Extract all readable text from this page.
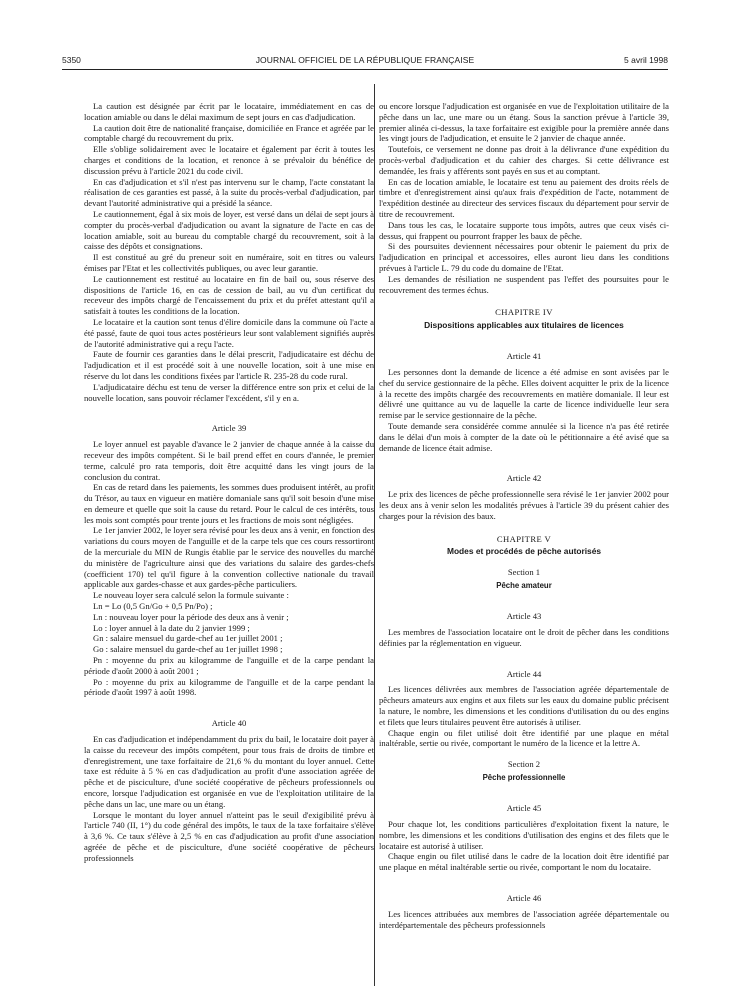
5350	JOURNAL OFFICIEL DE LA RÉPUBLIQUE FRANÇAISE	5 avril 1998

La caution est désignée par écrit par le locataire, immédiatement en cas de location amiable ou dans le délai maximum de sept jours en cas d'adjudication.

La caution doit être de nationalité française, domiciliée en France et agréée par le comptable chargé du recouvrement du prix.

Elle s'oblige solidairement avec le locataire et également par écrit à toutes les charges et conditions de la location, et renonce à se prévaloir du bénéfice de discussion prévu à l'article 2021 du code civil.

En cas d'adjudication et s'il n'est pas intervenu sur le champ, l'acte constatant la réalisation de ces garanties est passé, à la suite du procès-verbal d'adjudication, par devant l'autorité administrative qui a présidé la séance.

Le cautionnement, égal à six mois de loyer, est versé dans un délai de sept jours à compter du procès-verbal d'adjudication ou avant la signature de l'acte en cas de location amiable, soit au bureau du comptable chargé du recouvrement, soit à la caisse des dépôts et consignations.

Il est constitué au gré du preneur soit en numéraire, soit en titres ou valeurs émises par l'Etat et les collectivités publiques, ou avec leur garantie.

Le cautionnement est restitué au locataire en fin de bail ou, sous réserve des dispositions de l'article 16, en cas de cession de bail, au vu d'un certificat du receveur des impôts chargé de l'encaissement du prix et du préfet attestant qu'il a satisfait à toutes les conditions de la location.

Le locataire et la caution sont tenus d'élire domicile dans la commune où l'acte a été passé, faute de quoi tous actes postérieurs leur sont valablement signifiés auprès de l'autorité administrative qui a reçu l'acte.

Faute de fournir ces garanties dans le délai prescrit, l'adjudicataire est déchu de l'adjudication et il est procédé soit à une nouvelle location, soit à une mise en réserve du lot dans les conditions fixées par l'article R. 235-28 du code rural.

L'adjudicataire déchu est tenu de verser la différence entre son prix et celui de la nouvelle location, sans pouvoir réclamer l'excédent, s'il y en a.

Article 39

Le loyer annuel est payable d'avance le 2 janvier de chaque année à la caisse du receveur des impôts compétent. Si le bail prend effet en cours d'année, le premier terme, calculé pro rata temporis, doit être acquitté dans les vingt jours de la conclusion du contrat.

En cas de retard dans les paiements, les sommes dues produisent intérêt, au profit du Trésor, au taux en vigueur en matière domaniale sans qu'il soit besoin d'une mise en demeure et quelle que soit la cause du retard. Pour le calcul de ces intérêts, tous les mois sont comptés pour trente jours et les fractions de mois sont négligées.

Le 1er janvier 2002, le loyer sera révisé pour les deux ans à venir, en fonction des variations du cours moyen de l'anguille et de la carpe tels que ces cours ressortiront de la mercuriale du MIN de Rungis établie par le service des nouvelles du marché du ministère de l'agriculture ainsi que des variations du salaire des gardes-chefs (coefficient 170) tel qu'il figure à la convention collective nationale du travail applicable aux gardes-chasse et aux gardes-pêche particuliers.

Le nouveau loyer sera calculé selon la formule suivante :

Ln = Lo (0,5 Gn/Go + 0,5 Pn/Po) ;

Ln : nouveau loyer pour la période des deux ans à venir ;

Lo : loyer annuel à la date du 2 janvier 1999 ;

Gn : salaire mensuel du garde-chef au 1er juillet 2001 ;

Go : salaire mensuel du garde-chef au 1er juillet 1998 ;

Pn : moyenne du prix au kilogramme de l'anguille et de la carpe pendant la période d'août 2000 à août 2001 ;

Po : moyenne du prix au kilogramme de l'anguille et de la carpe pendant la période d'août 1997 à août 1998.

Article 40

En cas d'adjudication et indépendamment du prix du bail, le locataire doit payer à la caisse du receveur des impôts compétent, pour tous frais de droits de timbre et d'enregistrement, une taxe forfaitaire de 21,6 % du montant du loyer annuel. Cette taxe est réduite à 5 % en cas d'adjudication au profit d'une association agréée de pêche et de pisciculture, d'une société coopérative de pêcheurs professionnels ou encore, lorsque l'adjudication est organisée en vue de l'exploitation utilitaire de la pêche dans un lac, une mare ou un étang.

Lorsque le montant du loyer annuel n'atteint pas le seuil d'exigibilité prévu à l'article 740 (II, 1°) du code général des impôts, le taux de la taxe forfaitaire s'élève à 3,6 %. Ce taux s'élève à 2,5 % en cas d'adjudication au profit d'une association agréée de pêche et de pisciculture, d'une société coopérative de pêcheurs professionnels

ou encore lorsque l'adjudication est organisée en vue de l'exploitation utilitaire de la pêche dans un lac, une mare ou un étang. Sous la sanction prévue à l'article 39, premier alinéa ci-dessus, la taxe forfaitaire est exigible pour la première année dans les vingt jours de l'adjudication, et ensuite le 2 janvier de chaque année.

Toutefois, ce versement ne donne pas droit à la délivrance d'une expédition du procès-verbal d'adjudication et du cahier des charges. Si cette délivrance est demandée, les frais y afférents sont payés en sus et au comptant.

En cas de location amiable, le locataire est tenu au paiement des droits réels de timbre et d'enregistrement ainsi qu'aux frais d'expédition de l'acte, notamment de l'expédition destinée au directeur des services fiscaux du département pour servir de titre de recouvrement.

Dans tous les cas, le locataire supporte tous impôts, autres que ceux visés ci-dessus, qui frappent ou pourront frapper les baux de pêche.

Si des poursuites deviennent nécessaires pour obtenir le paiement du prix de l'adjudication en principal et accessoires, elles auront lieu dans les conditions prévues à l'article L. 79 du code du domaine de l'Etat.

Les demandes de résiliation ne suspendent pas l'effet des poursuites pour le recouvrement des termes échus.

CHAPITRE IV

Dispositions applicables aux titulaires de licences

Article 41

Les personnes dont la demande de licence a été admise en sont avisées par le chef du service gestionnaire de la pêche. Elles doivent acquitter le prix de la licence à la recette des impôts chargée des recouvrements en matière domaniale. Il leur est délivré une quittance au vu de laquelle la carte de licence individuelle leur sera remise par le service gestionnaire de la pêche.

Toute demande sera considérée comme annulée si la licence n'a pas été retirée dans le délai d'un mois à compter de la date où le pétitionnaire a été avisé que sa demande de licence était admise.

Article 42

Le prix des licences de pêche professionnelle sera révisé le 1er janvier 2002 pour les deux ans à venir selon les modalités prévues à l'article 39 du présent cahier des charges pour la révision des baux.

CHAPITRE V

Modes et procédés de pêche autorisés

Section 1

Pêche amateur

Article 43

Les membres de l'association locataire ont le droit de pêcher dans les conditions définies par la réglementation en vigueur.

Article 44

Les licences délivrées aux membres de l'association agréée départementale de pêcheurs amateurs aux engins et aux filets sur les eaux du domaine public précisent la nature, le nombre, les dimensions et les conditions d'utilisation du ou des engins et filets que leurs titulaires peuvent être autorisés à utiliser.

Chaque engin ou filet utilisé doit être identifié par une plaque en métal inaltérable, sertie ou rivée, comportant le numéro de la licence et la lettre A.

Section 2

Pêche professionnelle

Article 45

Pour chaque lot, les conditions particulières d'exploitation fixent la nature, le nombre, les dimensions et les conditions d'utilisation des engins et des filets que le locataire est autorisé à utiliser.

Chaque engin ou filet utilisé dans le cadre de la location doit être identifié par une plaque en métal inaltérable sertie ou rivée, comportant le nom du locataire.

Article 46

Les licences attribuées aux membres de l'association agréée départementale ou interdépartementale des pêcheurs professionnels
